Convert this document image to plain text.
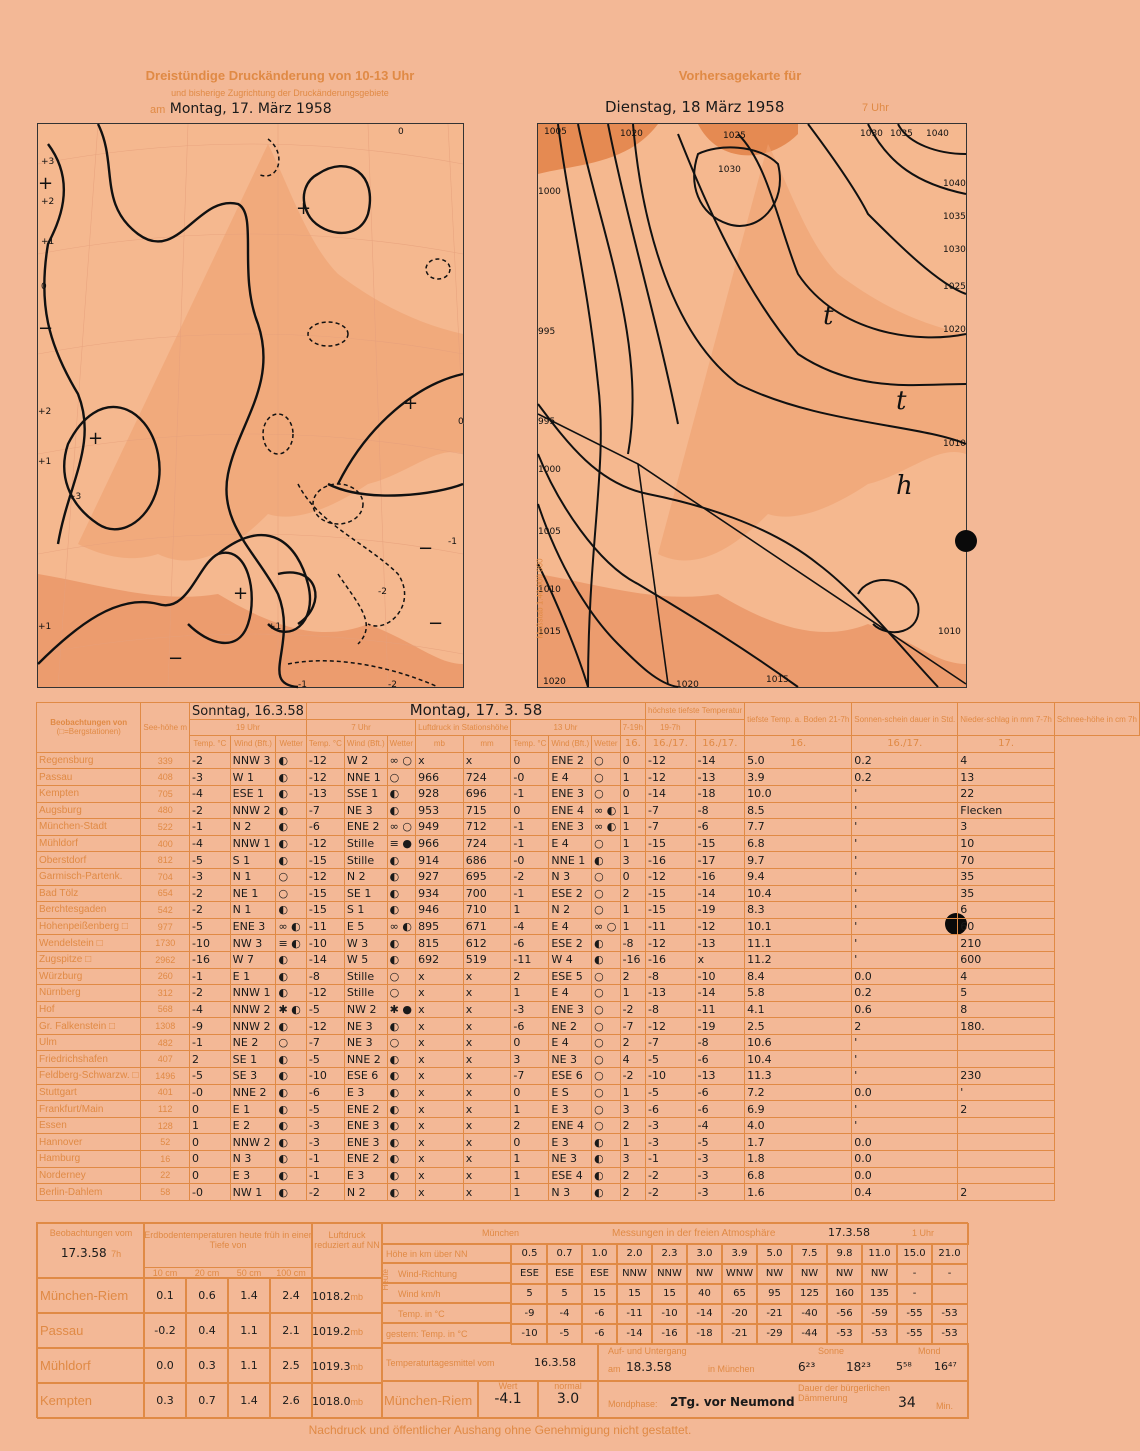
Dreistündige Druckänderung von 10-13 Uhr
und bisherige Zugrichtung der Druckänderungsgebiete
am Montag, 17. März 1958
Vorhersagekarte für
Dienstag, 18 März 1958	7 Uhr
+
+
+
+
−
−
−
−
+
0
+3
+2
+1
0
+2
+1
+3
+1
0
+1
-2
-1
-2
-1
1005	1020	1025	1030 1035 1040
1030
1040
1035
1030
1025
1020
1010
1000
995
995
1000
1005
1010
1015
1020	1020	1015
1010
t
t
h
Maßstab 1:40 000 000
Beobachtungen von
(□=Bergstationen)	See-höhe m	Sonntag, 16.3.58			Montag, 17. 3. 58									höchste tiefste Temperatur		tiefste Temp. a. Boden 21-7h	Sonnen-schein dauer in Std.	Nieder-schlag in mm 7-7h	Schnee-höhe in cm 7h
		19 Uhr			7 Uhr			Luftdruck in Stationshöhe		13 Uhr			7-19h	19-7h					
		Temp. °C	Wind (Bft.)	Wetter	Temp. °C	Wind (Bft.)	Wetter	mb	mm	Temp. °C	Wind (Bft.)	Wetter	16.	16./17.	16./17.	16.	16./17.	17.	
Regensburg	339	-2	NNW 3	◐	-12	W 2	∞ ○	x	x	0	ENE 2	○	0	-12	-14	5.0	0.2	4	
Passau	408	-3	W 1	◐	-12	NNE 1	○	966	724	-0	E 4	○	1	-12	-13	3.9	0.2	13	
Kempten	705	-4	ESE 1	◐	-13	SSE 1	◐	928	696	-1	ENE 3	○	0	-14	-18	10.0	'	22	
Augsburg	480	-2	NNW 2	◐	-7	NE 3	◐	953	715	0	ENE 4	∞ ◐	1	-7	-8	8.5	'	Flecken	
München-Stadt	522	-1	N 2	◐	-6	ENE 2	∞ ○	949	712	-1	ENE 3	∞ ◐	1	-7	-6	7.7	'	3	
Mühldorf	400	-4	NNW 1	◐	-12	Stille	≡ ●	966	724	-1	E 4	○	1	-15	-15	6.8	'	10	
Oberstdorf	812	-5	S 1	◐	-15	Stille	◐	914	686	-0	NNE 1	◐	3	-16	-17	9.7	'	70	
Garmisch-Partenk.	704	-3	N 1	○	-12	N 2	◐	927	695	-2	N 3	○	0	-12	-16	9.4	'	35	
Bad Tölz	654	-2	NE 1	○	-15	SE 1	◐	934	700	-1	ESE 2	○	2	-15	-14	10.4	'	35	
Berchtesgaden	542	-2	N 1	◐	-15	S 1	◐	946	710	1	N 2	○	1	-15	-19	8.3	'	6	
Hohenpeißenberg □	977	-5	ENE 3	∞ ◐	-11	E 5	∞ ◐	895	671	-4	E 4	∞ ○	1	-11	-12	10.1	'	60	
Wendelstein □	1730	-10	NW 3	≡ ◐	-10	W 3	◐	815	612	-6	ESE 2	◐	-8	-12	-13	11.1	'	210	
Zugspitze □	2962	-16	W 7	◐	-14	W 5	◐	692	519	-11	W 4	◐	-16	-16	x	11.2	'	600	
Würzburg	260	-1	E 1	◐	-8	Stille	○	x	x	2	ESE 5	○	2	-8	-10	8.4	0.0	4	
Nürnberg	312	-2	NNW 1	◐	-12	Stille	○	x	x	1	E 4	○	1	-13	-14	5.8	0.2	5	
Hof	568	-4	NNW 2	✱ ◐	-5	NW 2	✱ ●	x	x	-3	ENE 3	○	-2	-8	-11	4.1	0.6	8	
Gr. Falkenstein □	1308	-9	NNW 2	◐	-12	NE 3	◐	x	x	-6	NE 2	○	-7	-12	-19	2.5	2	180.	
Ulm	482	-1	NE 2	○	-7	NE 3	○	x	x	0	E 4	○	2	-7	-8	10.6	'		
Friedrichshafen	407	2	SE 1	◐	-5	NNE 2	◐	x	x	3	NE 3	○	4	-5	-6	10.4	'		
Feldberg-Schwarzw. □	1496	-5	SE 3	◐	-10	ESE 6	◐	x	x	-7	ESE 6	○	-2	-10	-13	11.3	'	230	
Stuttgart	401	-0	NNE 2	◐	-6	E 3	◐	x	x	0	E S	○	1	-5	-6	7.2	0.0	'	
Frankfurt/Main	112	0	E 1	◐	-5	ENE 2	◐	x	x	1	E 3	○	3	-6	-6	6.9	'	2	
Essen	128	1	E 2	◐	-3	ENE 3	◐	x	x	2	ENE 4	○	2	-3	-4	4.0	'		
Hannover	52	0	NNW 2	◐	-3	ENE 3	◐	x	x	0	E 3	◐	1	-3	-5	1.7	0.0		
Hamburg	16	0	N 3	◐	-1	ENE 2	◐	x	x	1	NE 3	◐	3	-1	-3	1.8	0.0		
Norderney	22	0	E 3	◐	-1	E 3	◐	x	x	1	ESE 4	◐	2	-2	-3	6.8	0.0		
Berlin-Dahlem	58	-0	NW 1	◐	-2	N 2	◐	x	x	1	N 3	◐	2	-2	-3	1.6	0.4	2	
Beobachtungen vom
17.3.58 7h
Erdbodentemperaturen heute früh in einer Tiefe von
10 cm	20 cm	50 cm	100 cm
Luftdruck reduziert auf NN
München-Riem	0.1	0.6	1.4	2.4	1018.2mb
Passau	-0.2	0.4	1.1	2.1	1019.2mb
Mühldorf	0.0	0.3	1.1	2.5	1019.3mb
Kempten	0.3	0.7	1.4	2.6	1018.0mb
München	Messungen in der freien Atmosphäre	17.3.58	1 Uhr
Höhe in km über NN	0.5	0.7	1.0	2.0	2.3	3.0	3.9	5.0	7.5	9.8	11.0	15.0	21.0
Wind-Richtung	ESE	ESE	ESE	NNW	NNW	NW	WNW	NW	NW	NW	NW	-	-
Wind km/h	5	5	15	15	15	40	65	95	125	160	135	-
Temp. in °C	-9	-4	-6	-11	-10	-14	-20	-21	-40	-56	-59	-55	-53
gestern: Temp. in °C	-10	-5	-6	-14	-16	-18	-21	-29	-44	-53	-53	-55	-53
Heute
Temperaturtagesmittel vom	16.3.58
München-Riem
Wert
-4.1
normal
3.0
Auf- und Untergang
am 18.3.58	in München
Sonne
6²³	18²³
Mond
5⁵⁸ 16⁴⁷
Mondphase: 2Tg. vor Neumond
Dauer der bürgerlichen Dämmerung	34 Min.
Nachdruck und öffentlicher Aushang ohne Genehmigung nicht gestattet.
